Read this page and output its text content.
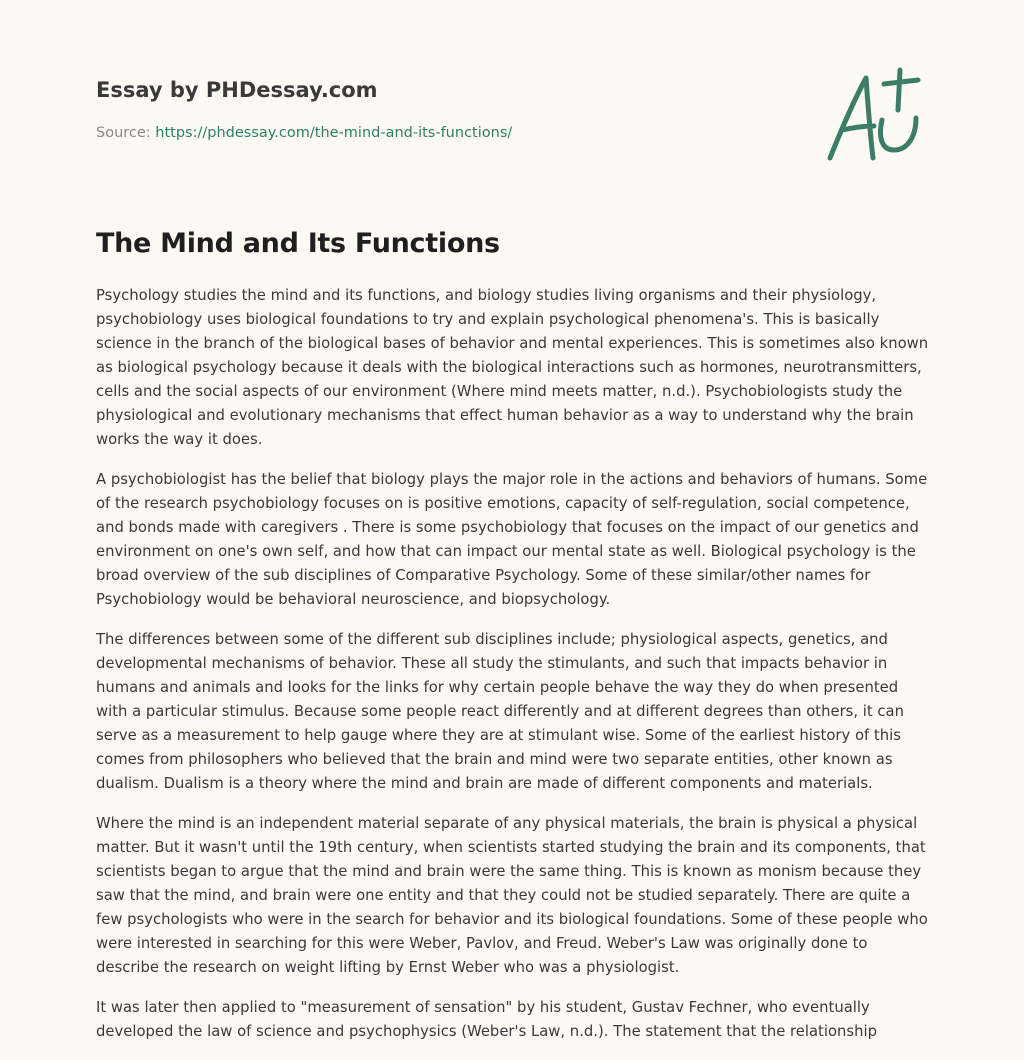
Essay by PHDessay.com

Source: https://phdessay.com/the-mind-and-its-functions/

The Mind and Its Functions

Psychology studies the mind and its functions, and biology studies living organisms and their physiology, psychobiology uses biological foundations to try and explain psychological phenomena's. This is basically science in the branch of the biological bases of behavior and mental experiences. This is sometimes also known as biological psychology because it deals with the biological interactions such as hormones, neurotransmitters, cells and the social aspects of our environment (Where mind meets matter, n.d.). Psychobiologists study the physiological and evolutionary mechanisms that effect human behavior as a way to understand why the brain works the way it does.

A psychobiologist has the belief that biology plays the major role in the actions and behaviors of humans. Some of the research psychobiology focuses on is positive emotions, capacity of self-regulation, social competence, and bonds made with caregivers . There is some psychobiology that focuses on the impact of our genetics and environment on one's own self, and how that can impact our mental state as well. Biological psychology is the broad overview of the sub disciplines of Comparative Psychology. Some of these similar/other names for Psychobiology would be behavioral neuroscience, and biopsychology.

The differences between some of the different sub disciplines include; physiological aspects, genetics, and developmental mechanisms of behavior. These all study the stimulants, and such that impacts behavior in humans and animals and looks for the links for why certain people behave the way they do when presented with a particular stimulus. Because some people react differently and at different degrees than others, it can serve as a measurement to help gauge where they are at stimulant wise. Some of the earliest history of this comes from philosophers who believed that the brain and mind were two separate entities, other known as dualism. Dualism is a theory where the mind and brain are made of different components and materials.

Where the mind is an independent material separate of any physical materials, the brain is physical a physical matter. But it wasn't until the 19th century, when scientists started studying the brain and its components, that scientists began to argue that the mind and brain were the same thing. This is known as monism because they saw that the mind, and brain were one entity and that they could not be studied separately. There are quite a few psychologists who were in the search for behavior and its biological foundations. Some of these people who were interested in searching for this were Weber, Pavlov, and Freud. Weber's Law was originally done to describe the research on weight lifting by Ernst Weber who was a physiologist.

It was later then applied to "measurement of sensation" by his student, Gustav Fechner, who eventually developed the law of science and psychophysics (Weber's Law, n.d.). The statement that the relationship
